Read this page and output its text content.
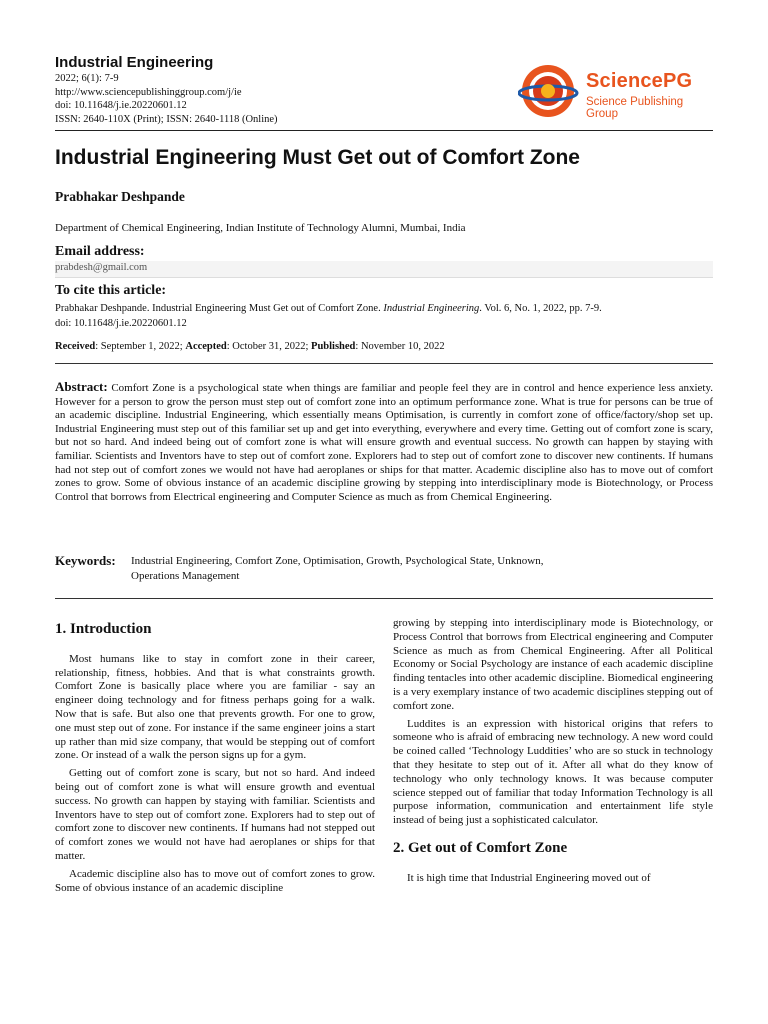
Industrial Engineering
2022; 6(1): 7-9
http://www.sciencepublishinggroup.com/j/ie
doi: 10.11648/j.ie.20220601.12
ISSN: 2640-110X (Print); ISSN: 2640-1118 (Online)
SciencePG
Science Publishing Group
Industrial Engineering Must Get out of Comfort Zone
Prabhakar Deshpande
Department of Chemical Engineering, Indian Institute of Technology Alumni, Mumbai, India
Email address:
prabdesh@gmail.com
To cite this article:
Prabhakar Deshpande. Industrial Engineering Must Get out of Comfort Zone. Industrial Engineering. Vol. 6, No. 1, 2022, pp. 7-9.
doi: 10.11648/j.ie.20220601.12
Received: September 1, 2022; Accepted: October 31, 2022; Published: November 10, 2022
Abstract: Comfort Zone is a psychological state when things are familiar and people feel they are in control and hence experience less anxiety. However for a person to grow the person must step out of comfort zone into an optimum performance zone. What is true for persons can be true of an academic discipline. Industrial Engineering, which essentially means Optimisation, is currently in comfort zone of office/factory/shop set up. Industrial Engineering must step out of this familiar set up and get into everything, everywhere and every time. Getting out of comfort zone is scary, but not so hard. And indeed being out of comfort zone is what will ensure growth and eventual success. No growth can happen by staying with familiar. Scientists and Inventors have to step out of comfort zone. Explorers had to step out of comfort zone to discover new continents. If humans had not step out of comfort zones we would not have had aeroplanes or ships for that matter. Academic discipline also has to move out of comfort zones to grow. Some of obvious instance of an academic discipline growing by stepping into interdisciplinary mode is Biotechnology, or Process Control that borrows from Electrical engineering and Computer Science as much as from Chemical Engineering.
Keywords: Industrial Engineering, Comfort Zone, Optimisation, Growth, Psychological State, Unknown,
Operations Management
1. Introduction

Most humans like to stay in comfort zone in their career, relationship, fitness, hobbies. And that is what constraints growth. Comfort Zone is basically place where you are familiar - say an engineer doing technology and for fitness perhaps going for a walk. Now that is safe. But also one that prevents growth. For one to grow, one must step out of zone. For instance if the same engineer joins a start up rather than mid size company, that would be stepping out of comfort zone. Or instead of a walk the person signs up for a gym.

Getting out of comfort zone is scary, but not so hard. And indeed being out of comfort zone is what will ensure growth and eventual success. No growth can happen by staying with familiar. Scientists and Inventors have to step out of comfort zone. Explorers had to step out of comfort zone to discover new continents. If humans had not stepped out of comfort zones we would not have had aeroplanes or ships for that matter.

Academic discipline also has to move out of comfort zones to grow. Some of obvious instance of an academic discipline

growing by stepping into interdisciplinary mode is Biotechnology, or Process Control that borrows from Electrical engineering and Computer Science as much as from Chemical Engineering. After all Political Economy or Social Psychology are instance of each academic discipline finding tentacles into other academic discipline. Biomedical engineering is a very exemplary instance of two academic disciplines stepping out of comfort zone.

Luddites is an expression with historical origins that refers to someone who is afraid of embracing new technology. A new word could be coined called ‘Technology Luddities’ who are so stuck in technology that they hesitate to step out of it. After all what do they know of technology who only technology knows. It was because computer science stepped out of familiar that today Information Technology is all purpose information, communication and entertainment life style instead of being just a sophisticated calculator.

2. Get out of Comfort Zone

It is high time that Industrial Engineering moved out of
